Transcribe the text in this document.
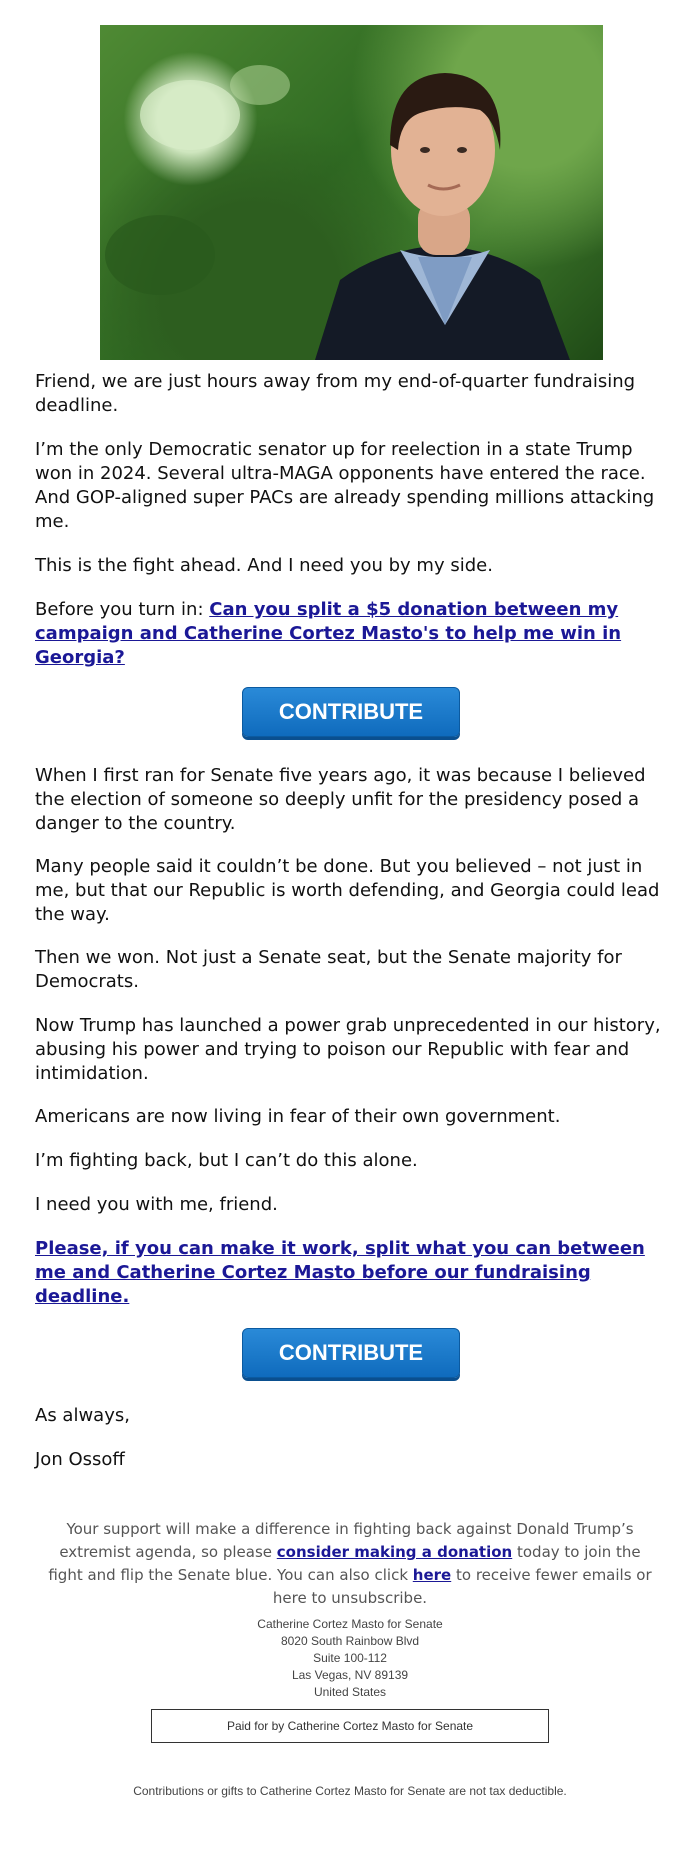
Friend, we are just hours away from my end-of-quarter fundraising deadline.

I’m the only Democratic senator up for reelection in a state Trump won in 2024. Several ultra-MAGA opponents have entered the race. And GOP-aligned super PACs are already spending millions attacking me.

This is the fight ahead. And I need you by my side.

Before you turn in: Can you split a $5 donation between my campaign and Catherine Cortez Masto's to help me win in Georgia?

CONTRIBUTE

When I first ran for Senate five years ago, it was because I believed the election of someone so deeply unfit for the presidency posed a danger to the country.

Many people said it couldn’t be done. But you believed – not just in me, but that our Republic is worth defending, and Georgia could lead the way.

Then we won. Not just a Senate seat, but the Senate majority for Democrats.

Now Trump has launched a power grab unprecedented in our history, abusing his power and trying to poison our Republic with fear and intimidation.

Americans are now living in fear of their own government.

I’m fighting back, but I can’t do this alone.

I need you with me, friend.

Please, if you can make it work, split what you can between me and Catherine Cortez Masto before our fundraising deadline.

CONTRIBUTE

As always,

Jon Ossoff

Your support will make a difference in fighting back against Donald Trump’s extremist agenda, so please consider making a donation today to join the fight and flip the Senate blue. You can also click here to receive fewer emails or here to unsubscribe.

Catherine Cortez Masto for Senate
8020 South Rainbow Blvd
Suite 100-112
Las Vegas, NV 89139
United States
Paid for by Catherine Cortez Masto for Senate
Contributions or gifts to Catherine Cortez Masto for Senate are not tax deductible.
